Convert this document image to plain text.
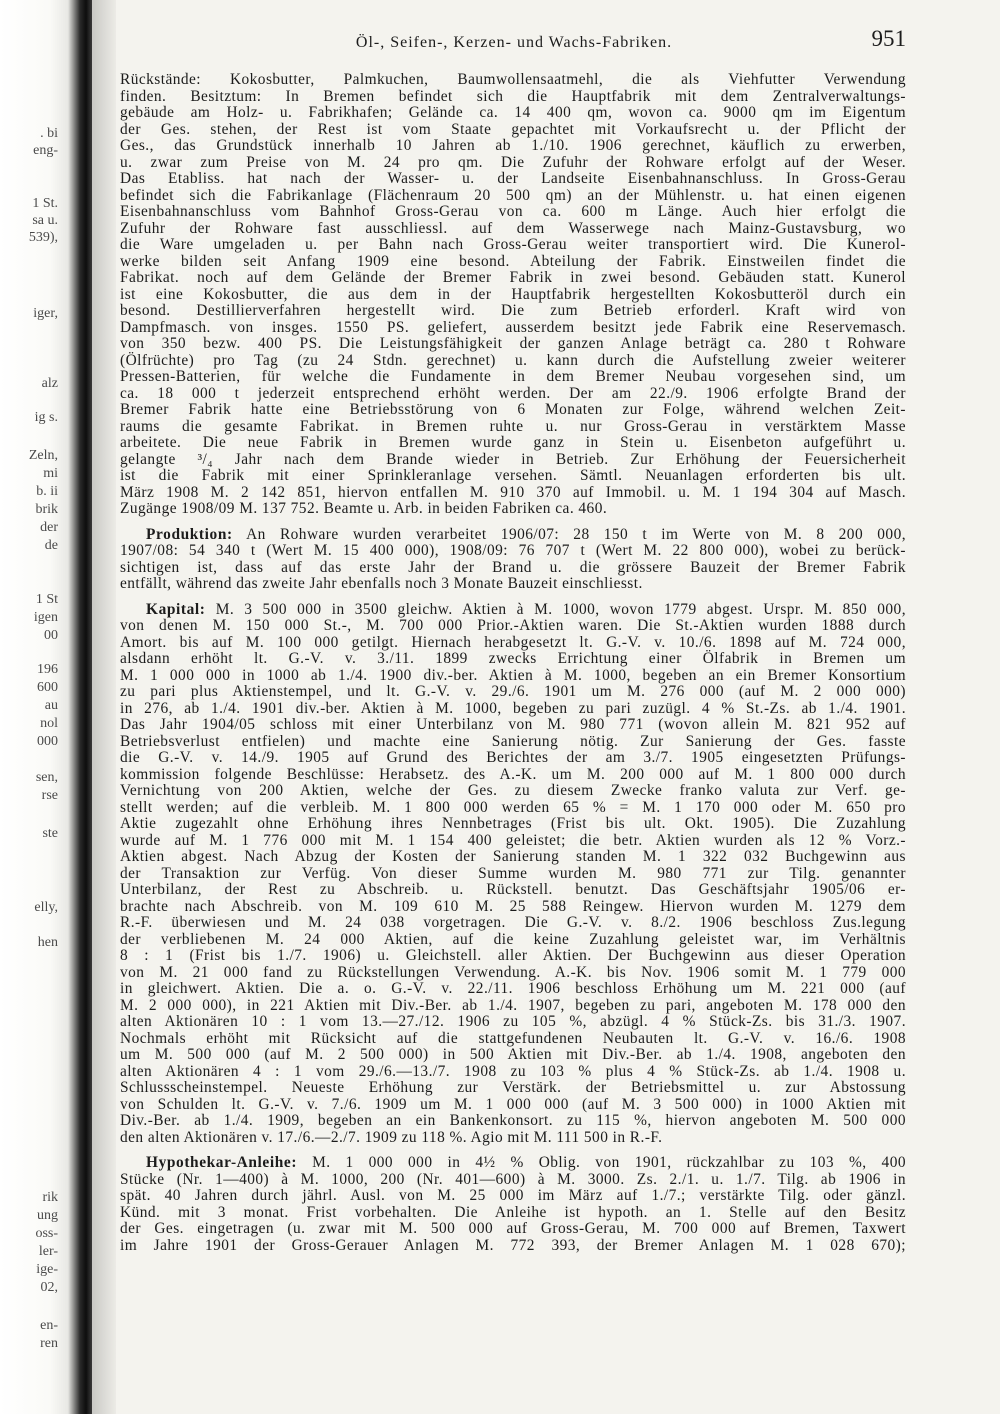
. bi
eng-
1 St.
sa u.
539),
iger,
alz
ig s.
Zeln,
mi
b. ii
brik
der
de
1 St
igen
00
196
600
au
nol
000
sen,
rse
ste
elly,
hen
rik
ung
oss-
ler-
ige-
02,
en-
ren
Öl-, Seifen-, Kerzen- und Wachs-Fabriken.	951

Rückstände: Kokosbutter, Palmkuchen, Baumwollensaatmehl, die als Viehfutter Verwendung

finden. Besitztum: In Bremen befindet sich die Hauptfabrik mit dem Zentralverwaltungs-

gebäude am Holz- u. Fabrikhafen; Gelände ca. 14 400 qm, wovon ca. 9000 qm im Eigentum

der Ges. stehen, der Rest ist vom Staate gepachtet mit Vorkaufsrecht u. der Pflicht der

Ges., das Grundstück innerhalb 10 Jahren ab 1./10. 1906 gerechnet, käuflich zu erwerben,

u. zwar zum Preise von M. 24 pro qm. Die Zufuhr der Rohware erfolgt auf der Weser.

Das Etabliss. hat nach der Wasser- u. der Landseite Eisenbahnanschluss. In Gross-Gerau

befindet sich die Fabrikanlage (Flächenraum 20 500 qm) an der Mühlenstr. u. hat einen eigenen

Eisenbahnanschluss vom Bahnhof Gross-Gerau von ca. 600 m Länge. Auch hier erfolgt die

Zufuhr der Rohware fast ausschliessl. auf dem Wasserwege nach Mainz-Gustavsburg, wo

die Ware umgeladen u. per Bahn nach Gross-Gerau weiter transportiert wird. Die Kunerol-

werke bilden seit Anfang 1909 eine besond. Abteilung der Fabrik. Einstweilen findet die

Fabrikat. noch auf dem Gelände der Bremer Fabrik in zwei besond. Gebäuden statt. Kunerol

ist eine Kokosbutter, die aus dem in der Hauptfabrik hergestellten Kokosbutteröl durch ein

besond. Destillierverfahren hergestellt wird. Die zum Betrieb erforderl. Kraft wird von

Dampfmasch. von insges. 1550 PS. geliefert, ausserdem besitzt jede Fabrik eine Reservemasch.

von 350 bezw. 400 PS. Die Leistungsfähigkeit der ganzen Anlage beträgt ca. 280 t Rohware

(Ölfrüchte) pro Tag (zu 24 Stdn. gerechnet) u. kann durch die Aufstellung zweier weiterer

Pressen-Batterien, für welche die Fundamente in dem Bremer Neubau vorgesehen sind, um

ca. 18 000 t jederzeit entsprechend erhöht werden. Der am 22./9. 1906 erfolgte Brand der

Bremer Fabrik hatte eine Betriebsstörung von 6 Monaten zur Folge, während welchen Zeit-

raums die gesamte Fabrikat. in Bremen ruhte u. nur Gross-Gerau in verstärktem Masse

arbeitete. Die neue Fabrik in Bremen wurde ganz in Stein u. Eisenbeton aufgeführt u.

gelangte ³/₄ Jahr nach dem Brande wieder in Betrieb. Zur Erhöhung der Feuersicherheit

ist die Fabrik mit einer Sprinkleranlage versehen. Sämtl. Neuanlagen erforderten bis ult.

März 1908 M. 2 142 851, hiervon entfallen M. 910 370 auf Immobil. u. M. 1 194 304 auf Masch.

Zugänge 1908/09 M. 137 752. Beamte u. Arb. in beiden Fabriken ca. 460.

Produktion: An Rohware wurden verarbeitet 1906/07: 28 150 t im Werte von M. 8 200 000,

1907/08: 54 340 t (Wert M. 15 400 000), 1908/09: 76 707 t (Wert M. 22 800 000), wobei zu berück-

sichtigen ist, dass auf das erste Jahr der Brand u. die grössere Bauzeit der Bremer Fabrik

entfällt, während das zweite Jahr ebenfalls noch 3 Monate Bauzeit einschliesst.

Kapital: M. 3 500 000 in 3500 gleichw. Aktien à M. 1000, wovon 1779 abgest. Urspr. M. 850 000,

von denen M. 150 000 St.-, M. 700 000 Prior.-Aktien waren. Die St.-Aktien wurden 1888 durch

Amort. bis auf M. 100 000 getilgt. Hiernach herabgesetzt lt. G.-V. v. 10./6. 1898 auf M. 724 000,

alsdann erhöht lt. G.-V. v. 3./11. 1899 zwecks Errichtung einer Ölfabrik in Bremen um

M. 1 000 000 in 1000 ab 1./4. 1900 div.-ber. Aktien à M. 1000, begeben an ein Bremer Konsortium

zu pari plus Aktienstempel, und lt. G.-V. v. 29./6. 1901 um M. 276 000 (auf M. 2 000 000)

in 276, ab 1./4. 1901 div.-ber. Aktien à M. 1000, begeben zu pari zuzügl. 4 % St.-Zs. ab 1./4. 1901.

Das Jahr 1904/05 schloss mit einer Unterbilanz von M. 980 771 (wovon allein M. 821 952 auf

Betriebsverlust entfielen) und machte eine Sanierung nötig. Zur Sanierung der Ges. fasste

die G.-V. v. 14./9. 1905 auf Grund des Berichtes der am 3./7. 1905 eingesetzten Prüfungs-

kommission folgende Beschlüsse: Herabsetz. des A.-K. um M. 200 000 auf M. 1 800 000 durch

Vernichtung von 200 Aktien, welche der Ges. zu diesem Zwecke franko valuta zur Verf. ge-

stellt werden; auf die verbleib. M. 1 800 000 werden 65 % = M. 1 170 000 oder M. 650 pro

Aktie zugezahlt ohne Erhöhung ihres Nennbetrages (Frist bis ult. Okt. 1905). Die Zuzahlung

wurde auf M. 1 776 000 mit M. 1 154 400 geleistet; die betr. Aktien wurden als 12 % Vorz.-

Aktien abgest. Nach Abzug der Kosten der Sanierung standen M. 1 322 032 Buchgewinn aus

der Transaktion zur Verfüg. Von dieser Summe wurden M. 980 771 zur Tilg. genannter

Unterbilanz, der Rest zu Abschreib. u. Rückstell. benutzt. Das Geschäftsjahr 1905/06 er-

brachte nach Abschreib. von M. 109 610 M. 25 588 Reingew. Hiervon wurden M. 1279 dem

R.-F. überwiesen und M. 24 038 vorgetragen. Die G.-V. v. 8./2. 1906 beschloss Zus.legung

der verbliebenen M. 24 000 Aktien, auf die keine Zuzahlung geleistet war, im Verhältnis

8 : 1 (Frist bis 1./7. 1906) u. Gleichstell. aller Aktien. Der Buchgewinn aus dieser Operation

von M. 21 000 fand zu Rückstellungen Verwendung. A.-K. bis Nov. 1906 somit M. 1 779 000

in gleichwert. Aktien. Die a. o. G.-V. v. 22./11. 1906 beschloss Erhöhung um M. 221 000 (auf

M. 2 000 000), in 221 Aktien mit Div.-Ber. ab 1./4. 1907, begeben zu pari, angeboten M. 178 000 den

alten Aktionären 10 : 1 vom 13.—27./12. 1906 zu 105 %, abzügl. 4 % Stück-Zs. bis 31./3. 1907.

Nochmals erhöht mit Rücksicht auf die stattgefundenen Neubauten lt. G.-V. v. 16./6. 1908

um M. 500 000 (auf M. 2 500 000) in 500 Aktien mit Div.-Ber. ab 1./4. 1908, angeboten den

alten Aktionären 4 : 1 vom 29./6.—13./7. 1908 zu 103 % plus 4 % Stück-Zs. ab 1./4. 1908 u.

Schlussscheinstempel. Neueste Erhöhung zur Verstärk. der Betriebsmittel u. zur Abstossung

von Schulden lt. G.-V. v. 7./6. 1909 um M. 1 000 000 (auf M. 3 500 000) in 1000 Aktien mit

Div.-Ber. ab 1./4. 1909, begeben an ein Bankenkonsort. zu 115 %, hiervon angeboten M. 500 000

den alten Aktionären v. 17./6.—2./7. 1909 zu 118 %. Agio mit M. 111 500 in R.-F.

Hypothekar-Anleihe: M. 1 000 000 in 4½ % Oblig. von 1901, rückzahlbar zu 103 %, 400

Stücke (Nr. 1—400) à M. 1000, 200 (Nr. 401—600) à M. 3000. Zs. 2./1. u. 1./7. Tilg. ab 1906 in

spät. 40 Jahren durch jährl. Ausl. von M. 25 000 im März auf 1./7.; verstärkte Tilg. oder gänzl.

Künd. mit 3 monat. Frist vorbehalten. Die Anleihe ist hypoth. an 1. Stelle auf den Besitz

der Ges. eingetragen (u. zwar mit M. 500 000 auf Gross-Gerau, M. 700 000 auf Bremen, Taxwert

im Jahre 1901 der Gross-Gerauer Anlagen M. 772 393, der Bremer Anlagen M. 1 028 670);
